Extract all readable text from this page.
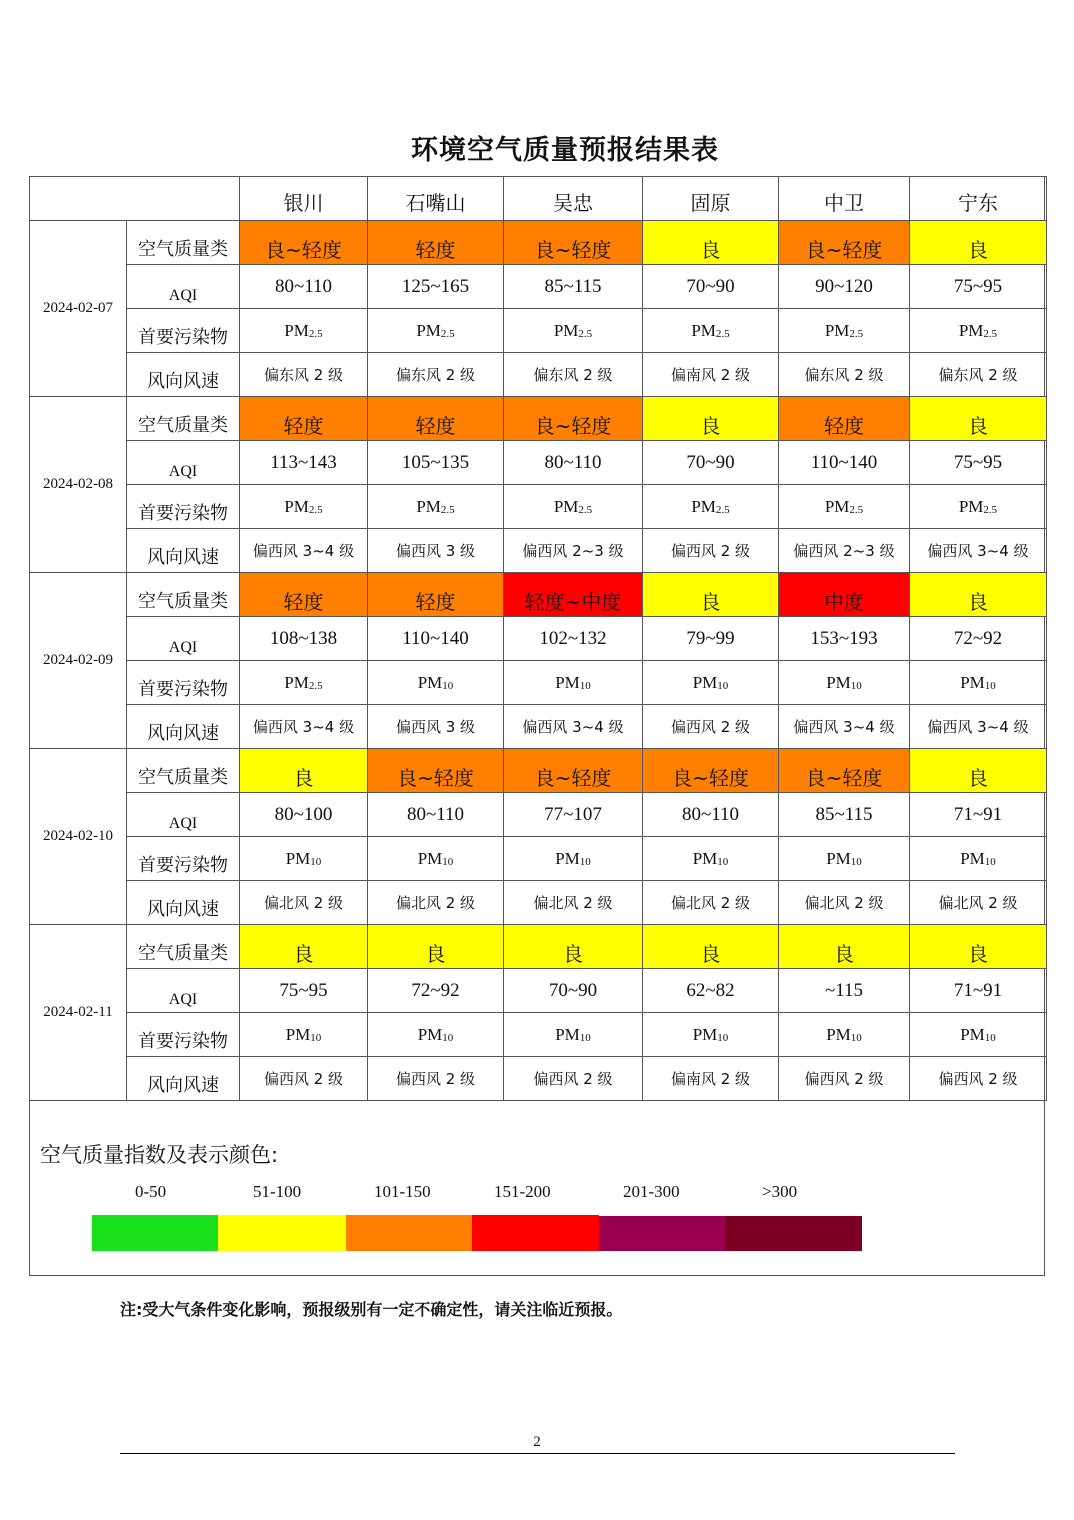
环境空气质量预报结果表
		银川	石嘴山	吴忠	固原	中卫	宁东
2024-02-07	空气质量类	良~轻度	轻度	良~轻度	良	良~轻度	良
	AQI	80~110	125~165	85~115	70~90	90~120	75~95
	首要污染物	$PM_{2.5}$	$PM_{2.5}$	$PM_{2.5}$	$PM_{2.5}$	$PM_{2.5}$	$PM_{2.5}$
	风向风速	偏东风 2 级	偏东风 2 级	偏东风 2 级	偏南风 2 级	偏东风 2 级	偏东风 2 级
2024-02-08	空气质量类	轻度	轻度	良~轻度	良	轻度	良
	AQI	113~143	105~135	80~110	70~90	110~140	75~95
	首要污染物	$PM_{2.5}$	$PM_{2.5}$	$PM_{2.5}$	$PM_{2.5}$	$PM_{2.5}$	$PM_{2.5}$
	风向风速	偏西风 3~4 级	偏西风 3 级	偏西风 2~3 级	偏西风 2 级	偏西风 2~3 级	偏西风 3~4 级
2024-02-09	空气质量类	轻度	轻度	轻度~中度	良	中度	良
	AQI	108~138	110~140	102~132	79~99	153~193	72~92
	首要污染物	$PM_{2.5}$	$PM_{10}$	$PM_{10}$	$PM_{10}$	$PM_{10}$	$PM_{10}$
	风向风速	偏西风 3~4 级	偏西风 3 级	偏西风 3~4 级	偏西风 2 级	偏西风 3~4 级	偏西风 3~4 级
2024-02-10	空气质量类	良	良~轻度	良~轻度	良~轻度	良~轻度	良
	AQI	80~100	80~110	77~107	80~110	85~115	71~91
	首要污染物	$PM_{10}$	$PM_{10}$	$PM_{10}$	$PM_{10}$	$PM_{10}$	$PM_{10}$
	风向风速	偏北风 2 级	偏北风 2 级	偏北风 2 级	偏北风 2 级	偏北风 2 级	偏北风 2 级
2024-02-11	空气质量类	良	良	良	良	良	良
	AQI	75~95	72~92	70~90	62~82	~115	71~91
	首要污染物	$PM_{10}$	$PM_{10}$	$PM_{10}$	$PM_{10}$	$PM_{10}$	$PM_{10}$
	风向风速	偏西风 2 级	偏西风 2 级	偏西风 2 级	偏南风 2 级	偏西风 2 级	偏西风 2 级
空气质量指数及表示颜色:
0-50	51-100	101-150	151-200	201-300	>300
注:受大气条件变化影响，预报级别有一定不确定性，请关注临近预报。
2
